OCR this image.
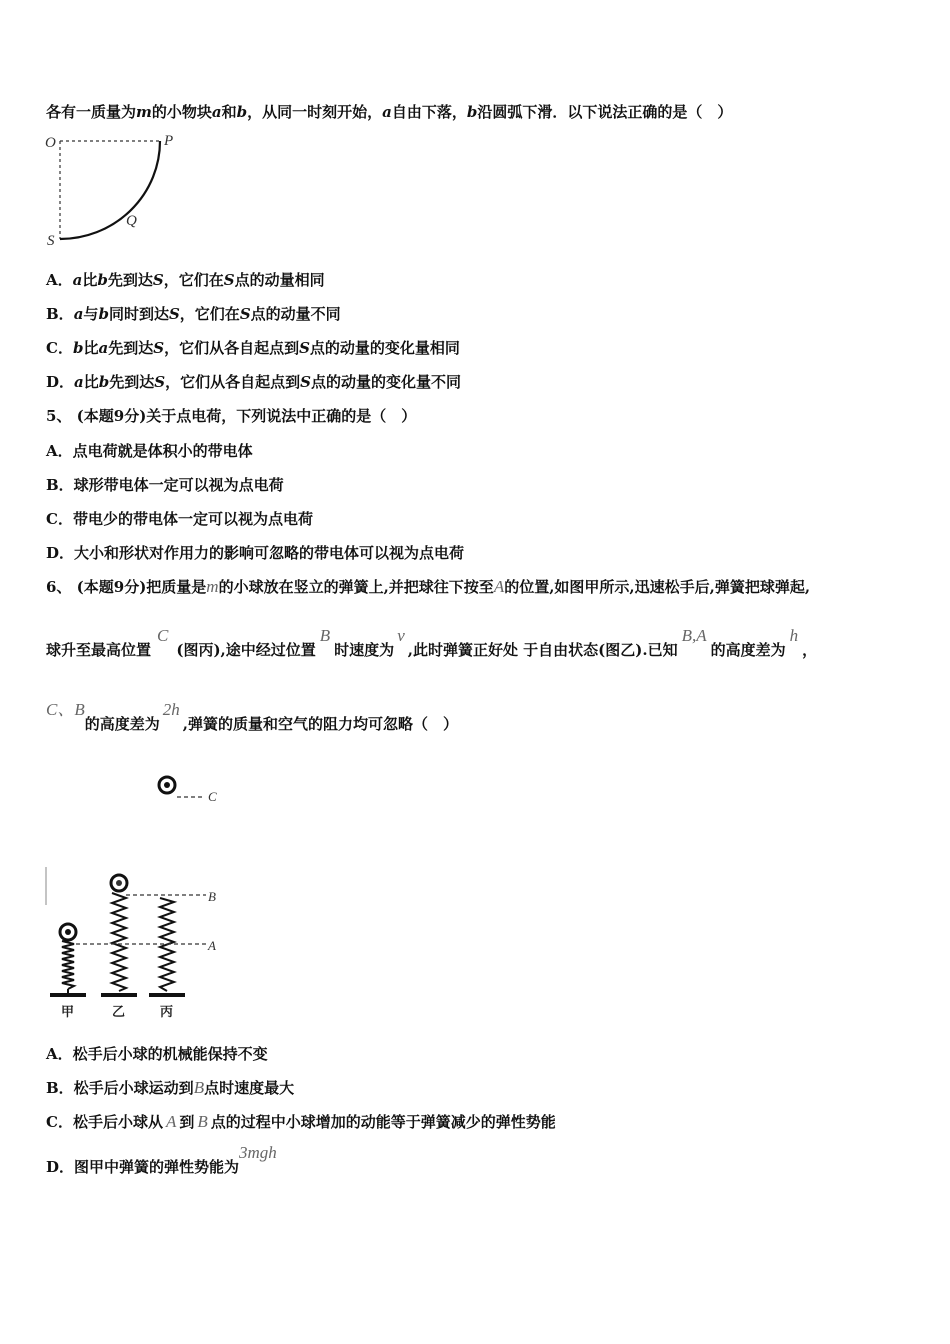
各有一质量为m的小物块a和b，从同一时刻开始，a自由下落，b沿圆弧下滑．以下说法正确的是（　）
O	P
Q
S
A．a比b先到达S，它们在S点的动量相同
B．a与b同时到达S，它们在S点的动量不同
C．b比a先到达S，它们从各自起点到S点的动量的变化量相同
D．a比b先到达S，它们从各自起点到S点的动量的变化量不同
5、 (本题9分)关于点电荷，下列说法中正确的是（　）
A．点电荷就是体积小的带电体
B．球形带电体一定可以视为点电荷
C．带电少的带电体一定可以视为点电荷
D．大小和形状对作用力的影响可忽略的带电体可以视为点电荷
6、 (本题9分)把质量是m的小球放在竖立的弹簧上,并把球往下按至A的位置,如图甲所示,迅速松手后,弹簧把球弹起,
球升至最高位置C(图丙),途中经过位置B时速度为v,此时弹簧正好处 于自由状态(图乙).已知B,A的高度差为h，
C、B的高度差为2h,弹簧的质量和空气的阻力均可忽略（　）
C
B
A
甲	乙	丙
A．松手后小球的机械能保持不变
B．松手后小球运动到B点时速度最大
C．松手后小球从 A 到 B 点的过程中小球增加的动能等于弹簧减少的弹性势能
D．图甲中弹簧的弹性势能为3mgh
